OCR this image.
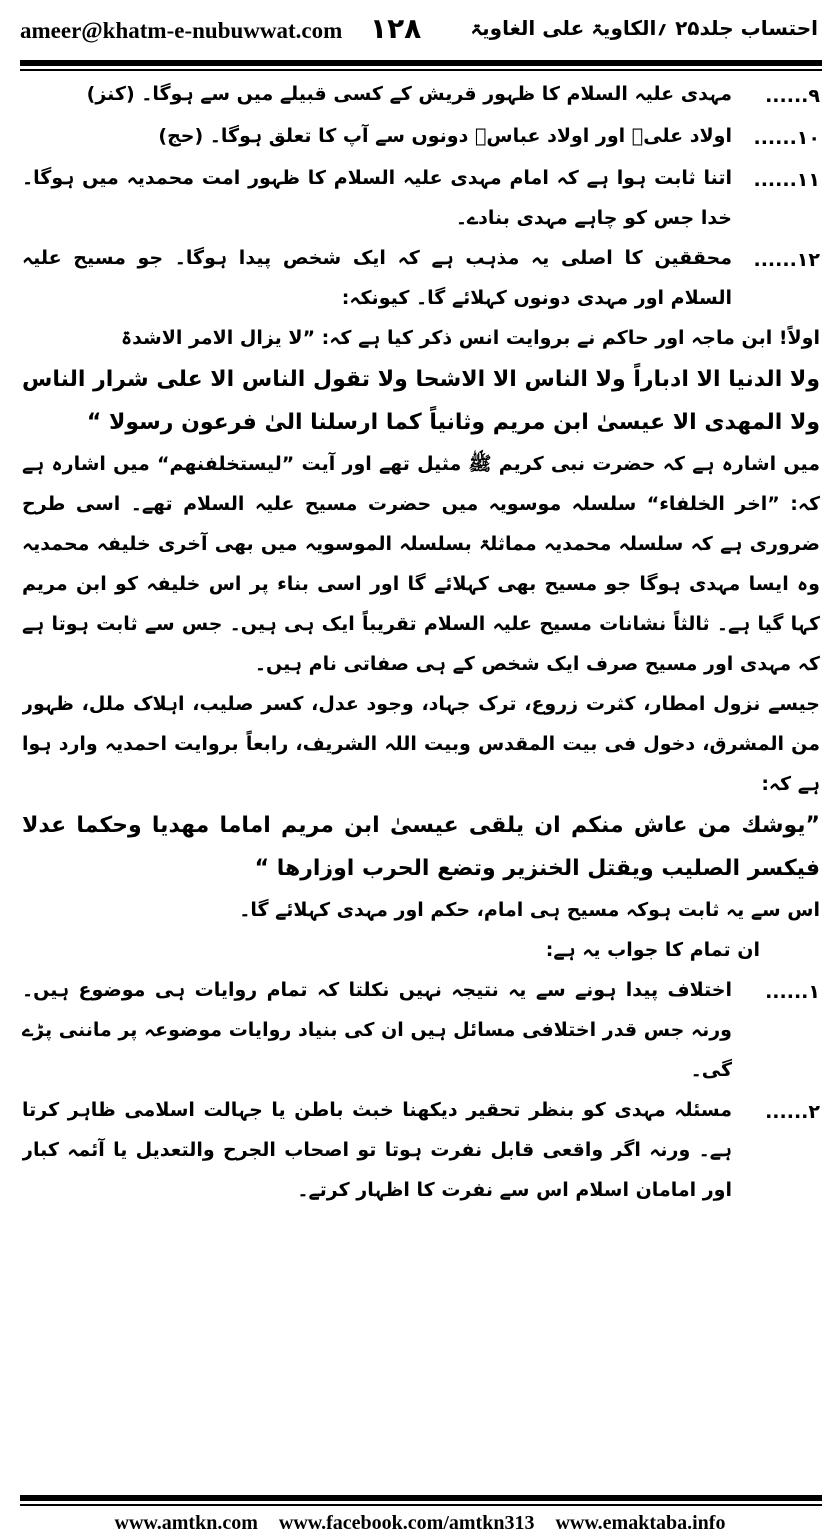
ameer@khatm-e-nubuwwat.com ١٢٨ احتساب جلد۲۵ ؍الکاویۃ علی الغاویۃ
۹......
مہدی علیہ السلام کا ظہور قریش کے کسی قبیلے میں سے ہوگا۔ (کنز)
۱۰......
اولاد علیؓ اور اولاد عباسؓ دونوں سے آپ کا تعلق ہوگا۔ (حج)
۱۱......
اتنا ثابت ہوا ہے کہ امام مہدی علیہ السلام کا ظہور امت محمدیہ میں ہوگا۔ خدا جس کو چاہے مہدی بنادے۔
۱۲......
محققین کا اصلی یہ مذہب ہے کہ ایک شخص پیدا ہوگا۔ جو مسیح علیہ السلام اور مہدی دونوں کہلائے گا۔ کیونکہ:

اولاً! ابن ماجہ اور حاکم نے بروایت انس ذکر کیا ہے کہ: ”لا یزال الامر الاشدۃ

ولا الدنیا الا ادباراً ولا الناس الا الاشحا ولا تقول الناس الا علی شرار الناس ولا المھدی الا عیسیٰ ابن مریم وثانیاً کما ارسلنا الیٰ فرعون رسولا “

میں اشارہ ہے کہ حضرت نبی کریم ﷺ مثیل تھے اور آیت ”لیستخلفنھم“ میں اشارہ ہے کہ: ”اخر الخلفاء“ سلسلہ موسویہ میں حضرت مسیح علیہ السلام تھے۔ اسی طرح ضروری ہے کہ سلسلہ محمدیہ مماثلۃ بسلسلہ الموسویہ میں بھی آخری خلیفہ محمدیہ وہ ایسا مہدی ہوگا جو مسیح بھی کہلائے گا اور اسی بناء پر اس خلیفہ کو ابن مریم کہا گیا ہے۔ ثالثاً نشانات مسیح علیہ السلام تقریباً ایک ہی ہیں۔ جس سے ثابت ہوتا ہے کہ مہدی اور مسیح صرف ایک شخص کے ہی صفاتی نام ہیں۔

جیسے نزول امطار، کثرت زروع، ترک جہاد، وجود عدل، کسر صلیب، اہلاک ملل، ظہور من المشرق، دخول فی بیت المقدس وبیت اللہ الشریف، رابعاً بروایت احمدیہ وارد ہوا ہے کہ:

”یوشك من عاش منکم ان یلقی عیسیٰ ابن مریم اماما مھدیا وحکما عدلا فیکسر الصلیب ویقتل الخنزیر وتضع الحرب اوزارھا “

اس سے یہ ثابت ہوکہ مسیح ہی امام، حکم اور مہدی کہلائے گا۔

ان تمام کا جواب یہ ہے:

۱......
اختلاف پیدا ہونے سے یہ نتیجہ نہیں نکلتا کہ تمام روایات ہی موضوع ہیں۔ ورنہ جس قدر اختلافی مسائل ہیں ان کی بنیاد روایات موضوعہ پر ماننی پڑے گی۔
۲......
مسئلہ مہدی کو بنظر تحقیر دیکھنا خبث باطن یا جہالت اسلامی ظاہر کرتا ہے۔ ورنہ اگر واقعی قابل نفرت ہوتا تو اصحاب الجرح والتعدیل یا آئمہ کبار اور امامان اسلام اس سے نفرت کا اظہار کرتے۔
www.amtkn.com www.facebook.com/amtkn313 www.emaktaba.info
